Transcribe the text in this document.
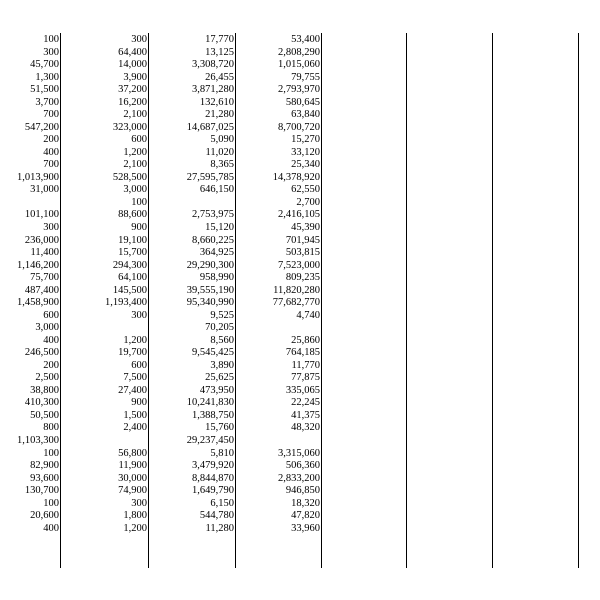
100	300	17,770	53,400
300	64,400	13,125	2,808,290
45,700	14,000	3,308,720	1,015,060
1,300	3,900	26,455	79,755
51,500	37,200	3,871,280	2,793,970
3,700	16,200	132,610	580,645
700	2,100	21,280	63,840
547,200	323,000	14,687,025	8,700,720
200	600	5,090	15,270
400	1,200	11,020	33,120
700	2,100	8,365	25,340
1,013,900	528,500	27,595,785	14,378,920
31,000	3,000	646,150	62,550
	100		2,700
101,100	88,600	2,753,975	2,416,105
300	900	15,120	45,390
236,000	19,100	8,660,225	701,945
11,400	15,700	364,925	503,815
1,146,200	294,300	29,290,300	7,523,000
75,700	64,100	958,990	809,235
487,400	145,500	39,555,190	11,820,280
1,458,900	1,193,400	95,340,990	77,682,770
600	300	9,525	4,740
3,000		70,205	
400	1,200	8,560	25,860
246,500	19,700	9,545,425	764,185
200	600	3,890	11,770
2,500	7,500	25,625	77,875
38,800	27,400	473,950	335,065
410,300	900	10,241,830	22,245
50,500	1,500	1,388,750	41,375
800	2,400	15,760	48,320
1,103,300		29,237,450	
100	56,800	5,810	3,315,060
82,900	11,900	3,479,920	506,360
93,600	30,000	8,844,870	2,833,200
130,700	74,900	1,649,790	946,850
100	300	6,150	18,320
20,600	1,800	544,780	47,820
400	1,200	11,280	33,960
